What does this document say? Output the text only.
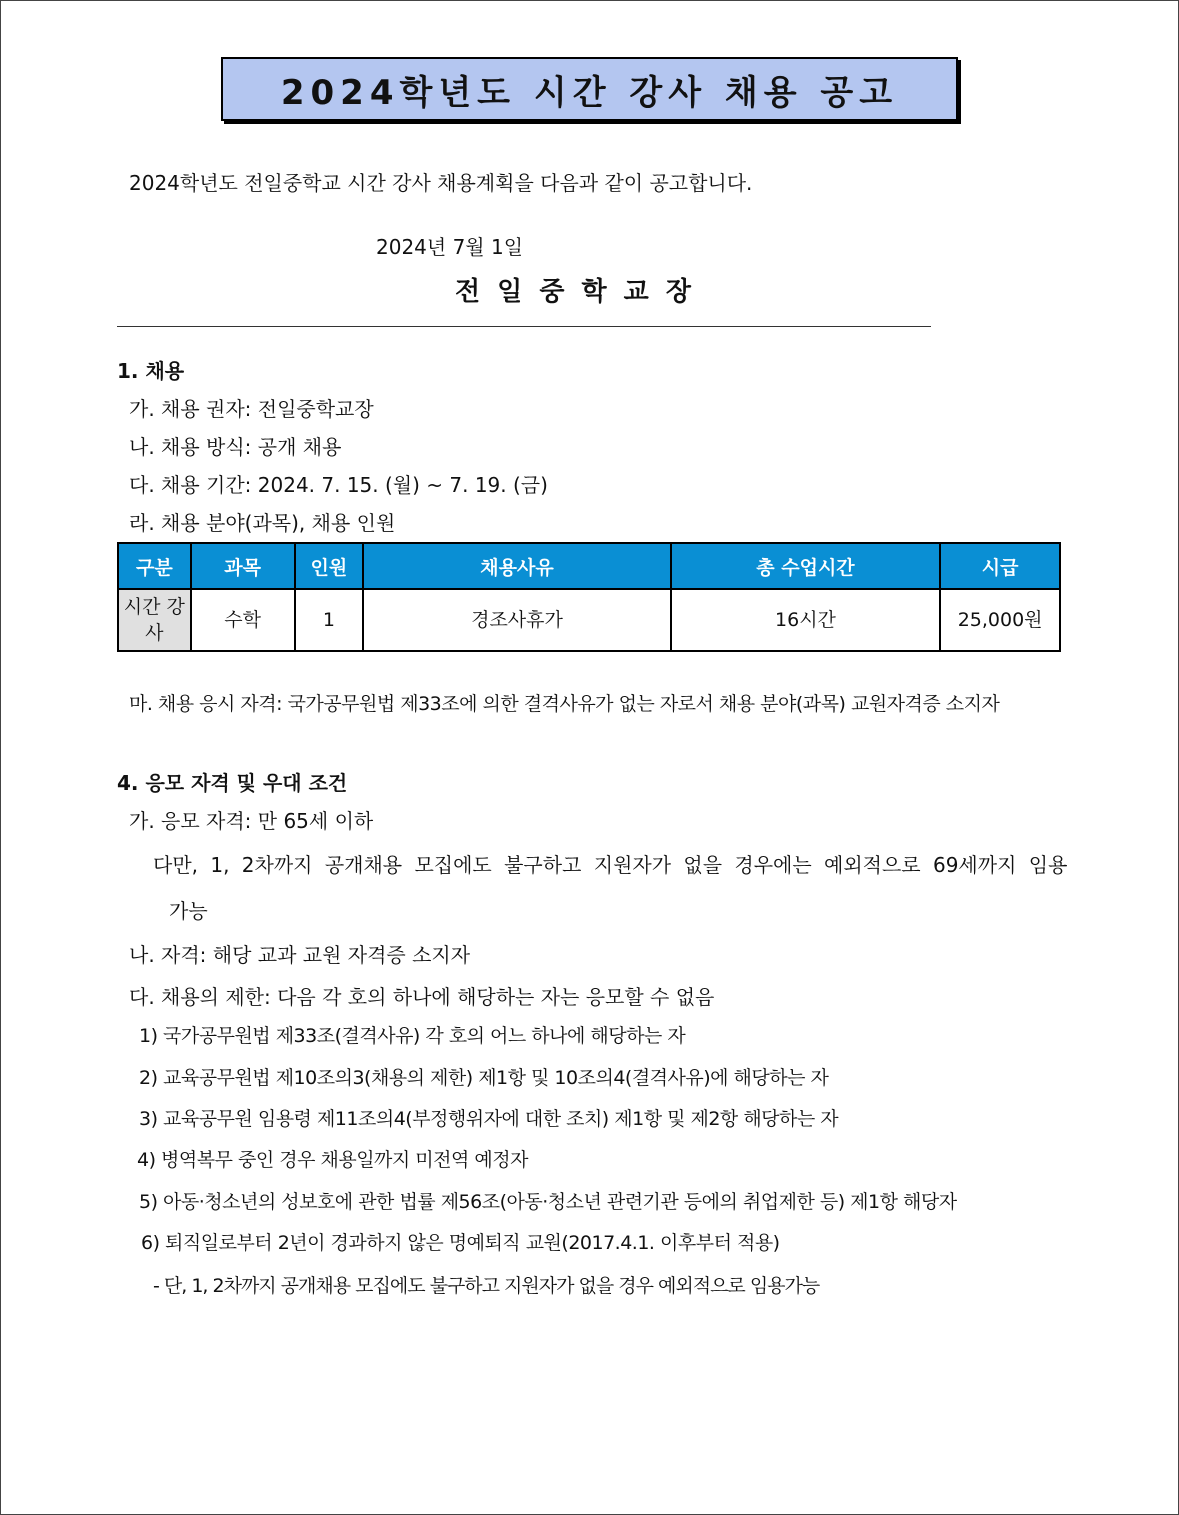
2024학년도 시간 강사 채용 공고
2024학년도 전일중학교 시간 강사 채용계획을 다음과 같이 공고합니다.
2024년 7월 1일
전 일 중 학 교 장
1. 채용
가. 채용 권자: 전일중학교장
나. 채용 방식: 공개 채용
다. 채용 기간: 2024. 7. 15. (월) ~ 7. 19. (금)
라. 채용 분야(과목), 채용 인원
구분	과목	인원	채용사유	총 수업시간	시급
시간 강사	수학	1	경조사휴가	16시간	25,000원
마. 채용 응시 자격: 국가공무원법 제33조에 의한 결격사유가 없는 자로서 채용 분야(과목) 교원자격증 소지자
4. 응모 자격 및 우대 조건
가. 응모 자격: 만 65세 이하
다만, 1, 2차까지 공개채용 모집에도 불구하고 지원자가 없을 경우에는 예외적으로 69세까지 임용
가능
나. 자격: 해당 교과 교원 자격증 소지자
다. 채용의 제한: 다음 각 호의 하나에 해당하는 자는 응모할 수 없음
1) 국가공무원법 제33조(결격사유) 각 호의 어느 하나에 해당하는 자
2) 교육공무원법 제10조의3(채용의 제한) 제1항 및 10조의4(결격사유)에 해당하는 자
3) 교육공무원 임용령 제11조의4(부정행위자에 대한 조치) 제1항 및 제2항 해당하는 자
4) 병역복무 중인 경우 채용일까지 미전역 예정자
5) 아동·청소년의 성보호에 관한 법률 제56조(아동·청소년 관련기관 등에의 취업제한 등) 제1항 해당자
6) 퇴직일로부터 2년이 경과하지 않은 명예퇴직 교원(2017.4.1. 이후부터 적용)
- 단, 1, 2차까지 공개채용 모집에도 불구하고 지원자가 없을 경우 예외적으로 임용가능
